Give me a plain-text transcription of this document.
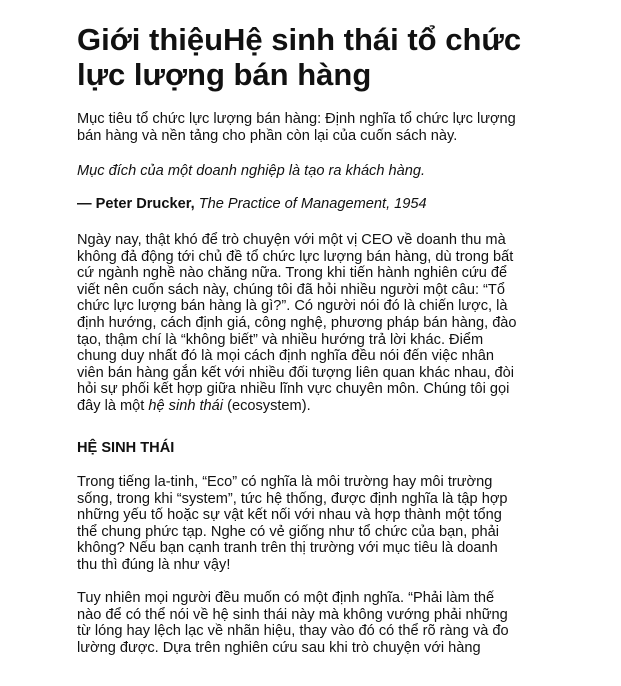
Giới thiệuHệ sinh thái tổ chức
lực lượng bán hàng
Mục tiêu tổ chức lực lượng bán hàng: Định nghĩa tổ chức lực lượng
bán hàng và nền tảng cho phần còn lại của cuốn sách này.
Mục đích của một doanh nghiệp là tạo ra khách hàng.
— Peter Drucker, The Practice of Management, 1954
Ngày nay, thật khó để trò chuyện với một vị CEO về doanh thu mà
không đả động tới chủ đề tổ chức lực lượng bán hàng, dù trong bất
cứ ngành nghề nào chăng nữa. Trong khi tiến hành nghiên cứu để
viết nên cuốn sách này, chúng tôi đã hỏi nhiều người một câu: “Tổ
chức lực lượng bán hàng là gì?”. Có người nói đó là chiến lược, là
định hướng, cách định giá, công nghệ, phương pháp bán hàng, đào
tạo, thậm chí là “không biết” và nhiều hướng trả lời khác. Điểm
chung duy nhất đó là mọi cách định nghĩa đều nói đến việc nhân
viên bán hàng gắn kết với nhiều đối tượng liên quan khác nhau, đòi
hỏi sự phối kết hợp giữa nhiều lĩnh vực chuyên môn. Chúng tôi gọi
đây là một hệ sinh thái (ecosystem).
HỆ SINH THÁI
Trong tiếng la-tinh, “Eco” có nghĩa là môi trường hay môi trường
sống, trong khi “system”, tức hệ thống, được định nghĩa là tập hợp
những yếu tố hoặc sự vật kết nối với nhau và hợp thành một tổng
thể chung phức tạp. Nghe có vẻ giống như tổ chức của bạn, phải
không? Nếu bạn cạnh tranh trên thị trường với mục tiêu là doanh
thu thì đúng là như vậy!
Tuy nhiên mọi người đều muốn có một định nghĩa. “Phải làm thế
nào để có thể nói về hệ sinh thái này mà không vướng phải những
từ lóng hay lệch lạc về nhãn hiệu, thay vào đó có thể rõ ràng và đo
lường được. Dựa trên nghiên cứu sau khi trò chuyện với hàng
